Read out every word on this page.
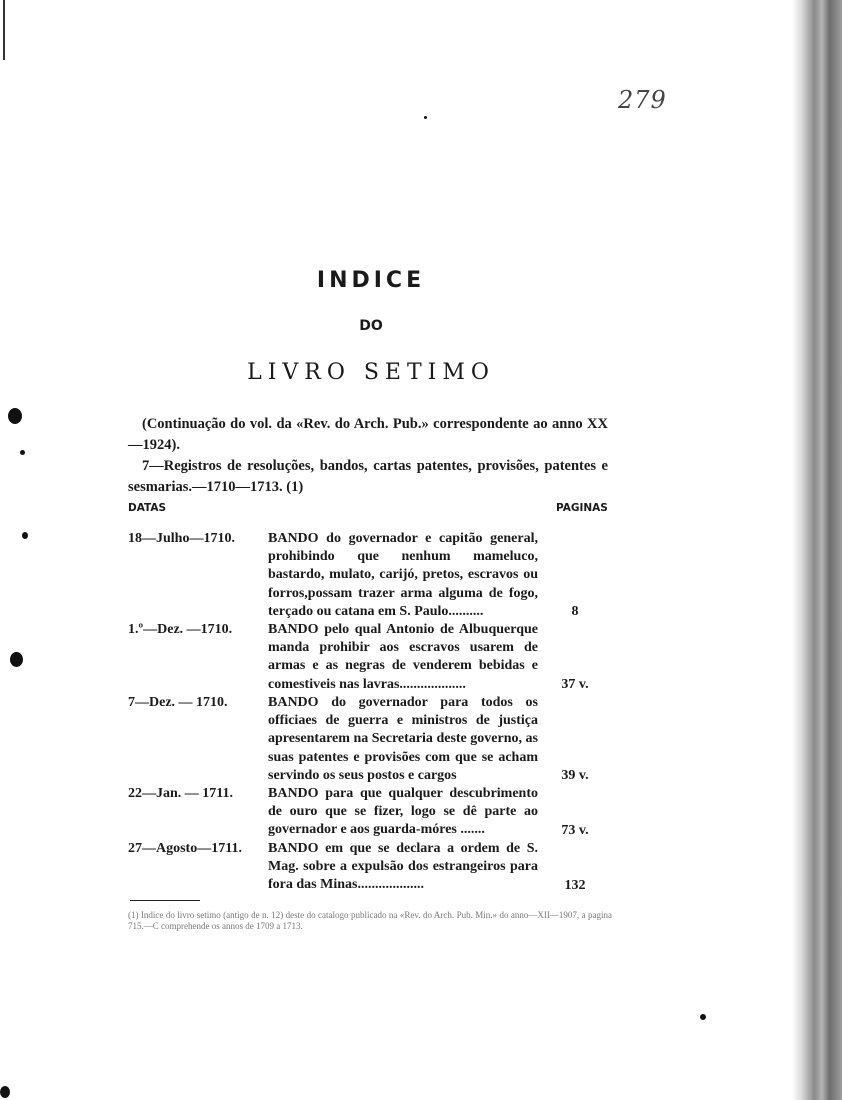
279
INDICE
DO
LIVRO SETIMO
(Continuação do vol. da «Rev. do Arch. Pub.» correspondente ao anno XX—1924).
7—Registros de resoluções, bandos, cartas patentes, provisões, patentes e sesmarias.—1710—1713. (1)
DATAS	PAGINAS
18—Julho—1710.	BANDO do governador e capitão general, prohibindo que nenhum mameluco, bastardo, mulato, carijó, pretos, escravos ou forros,possam trazer arma alguma de fogo, terçado ou catana em S. Paulo..........	8
1.º—Dez. —1710.	BANDO pelo qual Antonio de Albuquerque manda prohibir aos escravos usarem de armas e as negras de venderem bebidas e comestiveis nas lavras...................	37 v.
7—Dez. — 1710.	BANDO do governador para todos os officiaes de guerra e ministros de justiça apresentarem na Secretaria deste governo, as suas patentes e provisões com que se acham servindo os seus postos e cargos	39 v.
22—Jan. — 1711.	BANDO para que qualquer descubrimento de ouro que se fizer, logo se dê parte ao governador e aos guarda-móres .......	73 v.
27—Agosto—1711.	BANDO em que se declara a ordem de S. Mag. sobre a expulsão dos estrangeiros para fora das Minas...................	132
(1) Indice do livro setimo (antigo de n. 12) deste do catalogo publicado na «Rev. do Arch. Pub. Min.» do anno—XII—1907, a pagina 715.—C comprehende os annos de 1709 a 1713.
